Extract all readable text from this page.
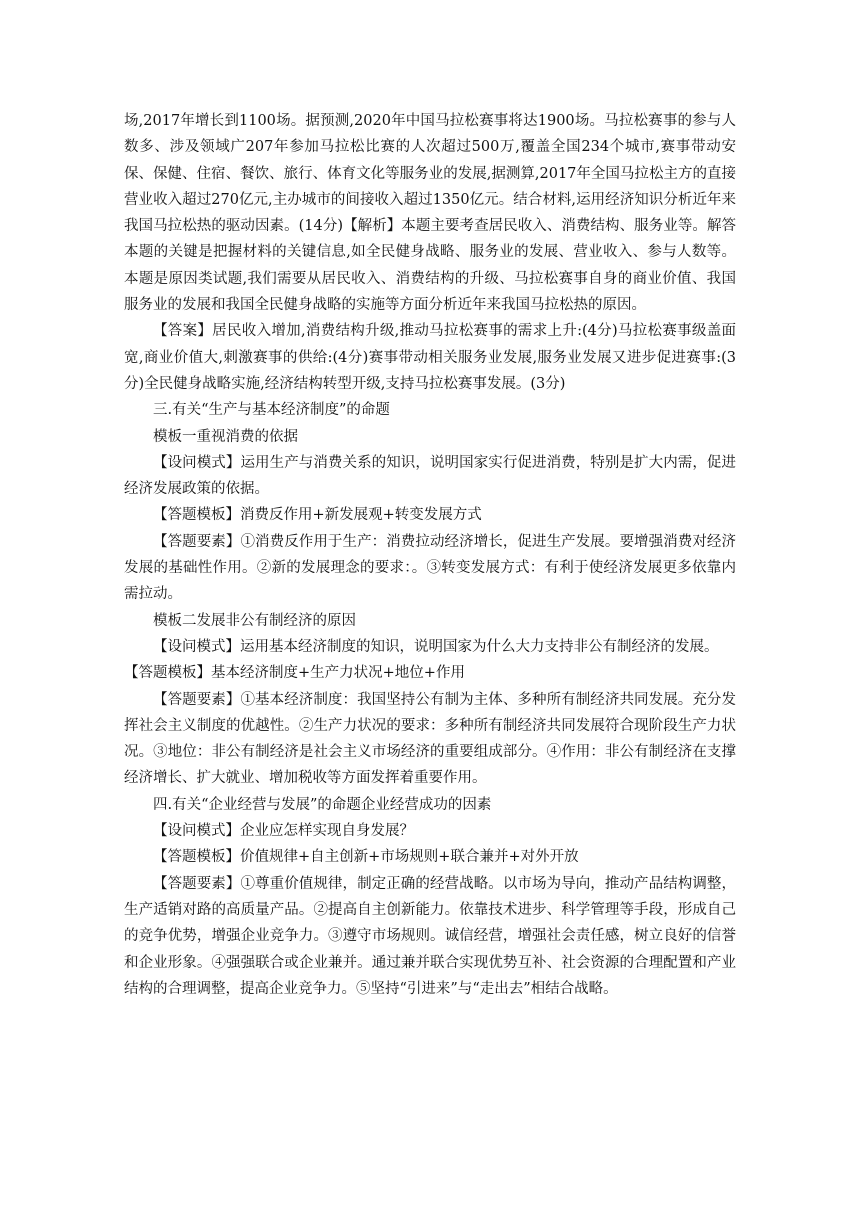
场,2017年增长到1100场。据预测,2020年中国马拉松赛事将达1900场。马拉松赛事的参与人数多、涉及领域广207年参加马拉松比赛的人次超过500万,覆盖全国234个城市,赛事带动安保、保健、住宿、餐饮、旅行、体育文化等服务业的发展,据测算,2017年全国马拉松主方的直接营业收入超过270亿元,主办城市的间接收入超过1350亿元。结合材料,运用经济知识分析近年来我国马拉松热的驱动因素。(14分)【解析】本题主要考查居民收入、消费结构、服务业等。解答本题的关键是把握材料的关键信息,如全民健身战略、服务业的发展、营业收入、参与人数等。本题是原因类试题,我们需要从居民收入、消费结构的升级、马拉松赛事自身的商业价值、我国服务业的发展和我国全民健身战略的实施等方面分析近年来我国马拉松热的原因。

【答案】居民收入增加,消费结构升级,推动马拉松赛事的需求上升:(4分)马拉松赛事级盖面宽,商业价值大,刺激赛事的供给:(4分)赛事带动相关服务业发展,服务业发展又进步促进赛事:(3分)全民健身战略实施,经济结构转型开级,支持马拉松赛事发展。(3分)

三.有关“生产与基本经济制度”的命题

模板一重视消费的依据

【设问模式】运用生产与消费关系的知识，说明国家实行促进消费，特别是扩大内需，促进经济发展政策的依据。

【答题模板】消费反作用+新发展观+转变发展方式

【答题要素】①消费反作用于生产：消费拉动经济增长，促进生产发展。要增强消费对经济发展的基础性作用。②新的发展理念的要求：。③转变发展方式：有利于使经济发展更多依靠内需拉动。

模板二发展非公有制经济的原因

【设问模式】运用基本经济制度的知识，说明国家为什么大力支持非公有制经济的发展。

【答题模板】基本经济制度+生产力状况+地位+作用

【答题要素】①基本经济制度：我国坚持公有制为主体、多种所有制经济共同发展。充分发挥社会主义制度的优越性。②生产力状况的要求：多种所有制经济共同发展符合现阶段生产力状况。③地位：非公有制经济是社会主义市场经济的重要组成部分。④作用：非公有制经济在支撑经济增长、扩大就业、增加税收等方面发挥着重要作用。

四.有关“企业经营与发展”的命题企业经营成功的因素

【设问模式】企业应怎样实现自身发展？

【答题模板】价值规律+自主创新+市场规则+联合兼并+对外开放

【答题要素】①尊重价值规律，制定正确的经营战略。以市场为导向，推动产品结构调整，生产适销对路的高质量产品。②提高自主创新能力。依靠技术进步、科学管理等手段，形成自己的竞争优势，增强企业竞争力。③遵守市场规则。诚信经营，增强社会责任感，树立良好的信誉和企业形象。④强强联合或企业兼并。通过兼并联合实现优势互补、社会资源的合理配置和产业结构的合理调整，提高企业竞争力。⑤坚持“引进来”与“走出去”相结合战略。
